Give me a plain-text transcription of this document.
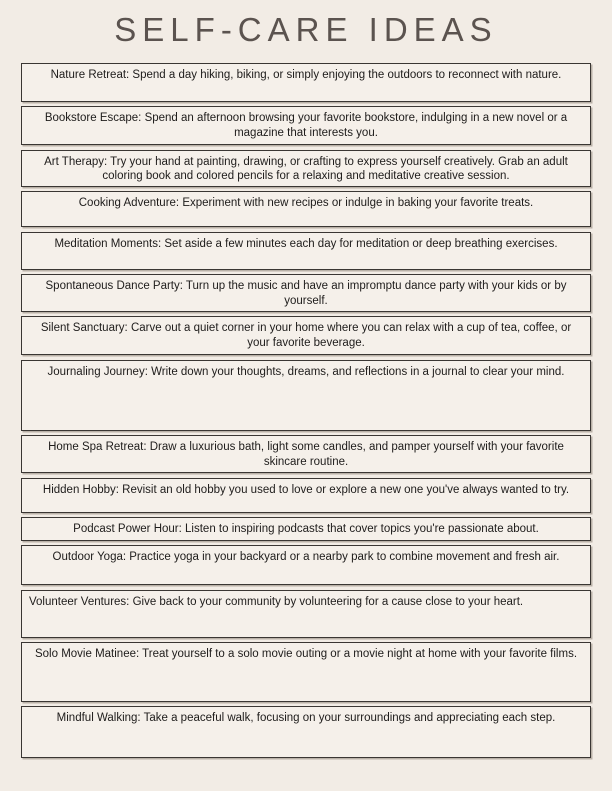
SELF-CARE IDEAS

Nature Retreat: Spend a day hiking, biking, or simply enjoying the outdoors to reconnect with nature.

Bookstore Escape: Spend an afternoon browsing your favorite bookstore, indulging in a new novel or a magazine that interests you.

Art Therapy: Try your hand at painting, drawing, or crafting to express yourself creatively. Grab an adult coloring book and colored pencils for a relaxing and meditative creative session.

Cooking Adventure: Experiment with new recipes or indulge in baking your favorite treats.

Meditation Moments: Set aside a few minutes each day for meditation or deep breathing exercises.

Spontaneous Dance Party: Turn up the music and have an impromptu dance party with your kids or by yourself.

Silent Sanctuary: Carve out a quiet corner in your home where you can relax with a cup of tea, coffee, or your favorite beverage.

Journaling Journey: Write down your thoughts, dreams, and reflections in a journal to clear your mind.

Home Spa Retreat: Draw a luxurious bath, light some candles, and pamper yourself with your favorite skincare routine.

Hidden Hobby: Revisit an old hobby you used to love or explore a new one you've always wanted to try.

Podcast Power Hour: Listen to inspiring podcasts that cover topics you're passionate about.

Outdoor Yoga: Practice yoga in your backyard or a nearby park to combine movement and fresh air.

Volunteer Ventures: Give back to your community by volunteering for a cause close to your heart.

Solo Movie Matinee: Treat yourself to a solo movie outing or a movie night at home with your favorite films.

Mindful Walking: Take a peaceful walk, focusing on your surroundings and appreciating each step.
